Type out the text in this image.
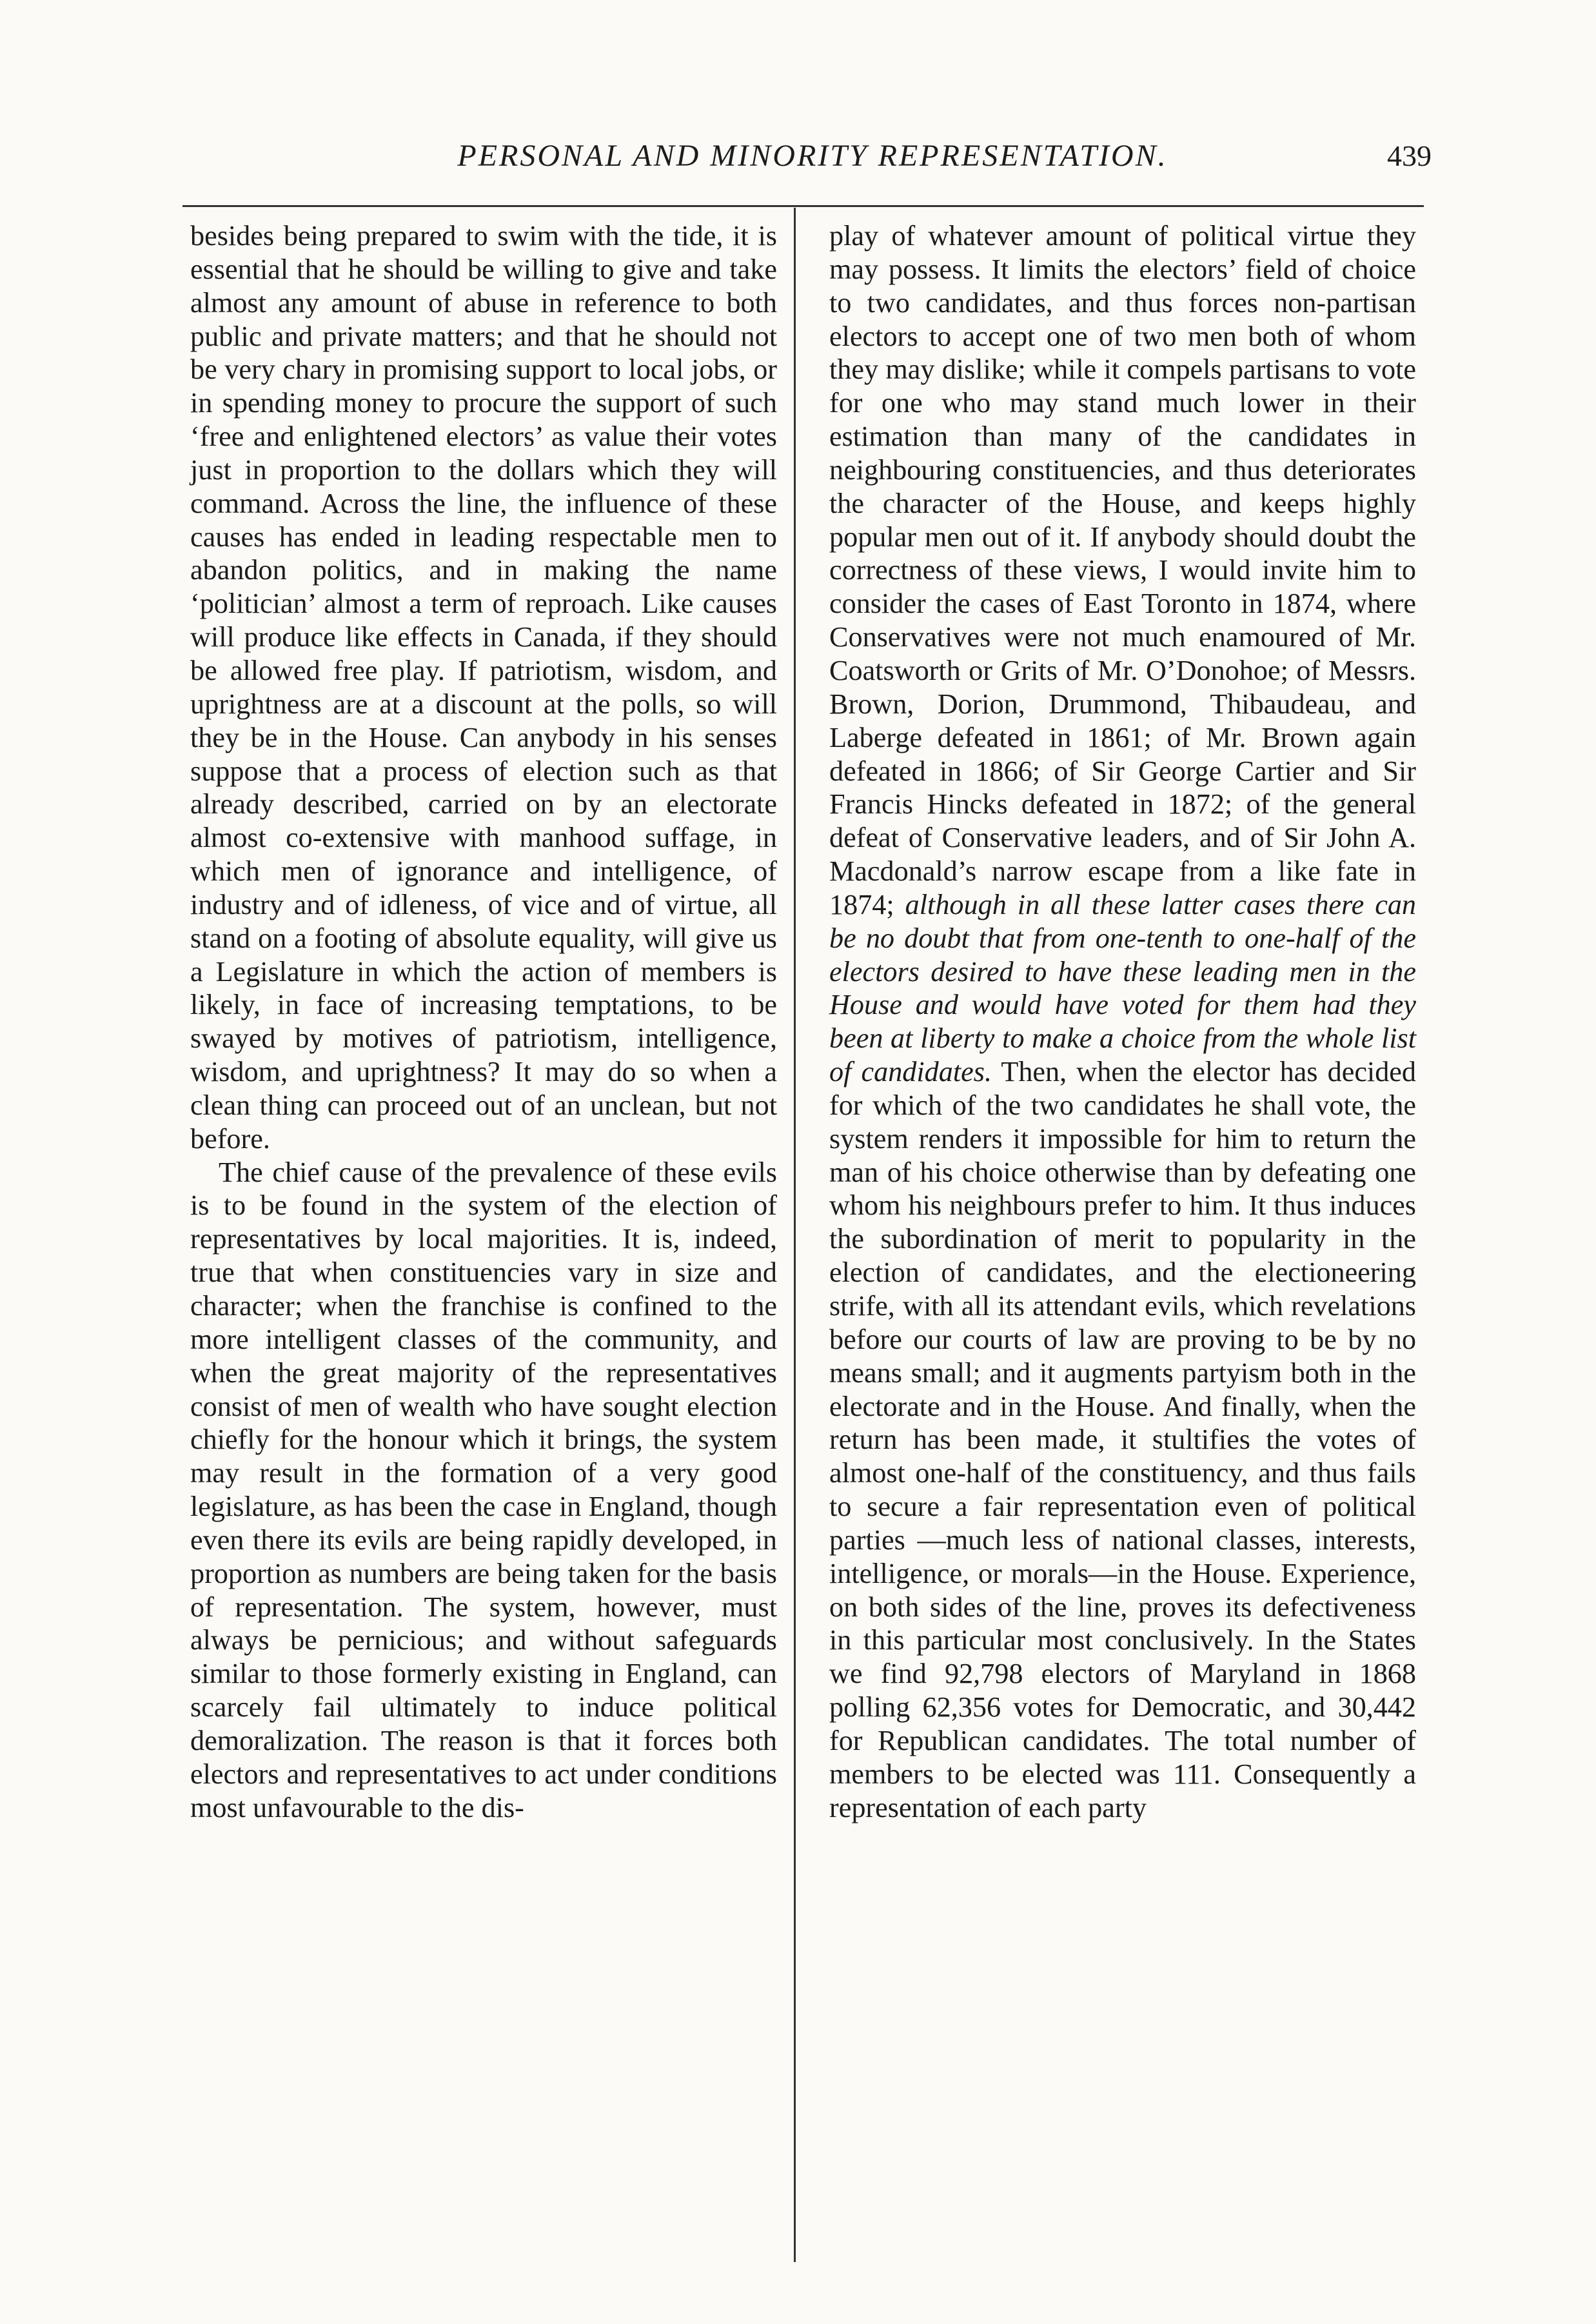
PERSONAL AND MINORITY REPRESENTATION.	439

besides being prepared to swim with the tide, it is essential that he should be willing to give and take almost any amount of abuse in reference to both public and private matters; and that he should not be very chary in promising support to local jobs, or in spending money to procure the support of such ‘free and enlightened electors’ as value their votes just in proportion to the dollars which they will command. Across the line, the influence of these causes has ended in leading respectable men to abandon politics, and in making the name ‘politician’ almost a term of reproach. Like causes will produce like effects in Canada, if they should be allowed free play. If patriotism, wisdom, and uprightness are at a discount at the polls, so will they be in the House. Can anybody in his senses suppose that a process of election such as that already described, carried on by an electorate almost co-extensive with manhood suffage, in which men of ignorance and intelligence, of industry and of idleness, of vice and of virtue, all stand on a footing of absolute equality, will give us a Legislature in which the action of members is likely, in face of increasing temptations, to be swayed by motives of patriotism, intelligence, wisdom, and uprightness? It may do so when a clean thing can proceed out of an unclean, but not before.

The chief cause of the prevalence of these evils is to be found in the system of the election of representatives by local majorities. It is, indeed, true that when constituencies vary in size and character; when the franchise is confined to the more intelligent classes of the community, and when the great majority of the representatives consist of men of wealth who have sought election chiefly for the honour which it brings, the system may result in the formation of a very good legislature, as has been the case in England, though even there its evils are being rapidly developed, in proportion as numbers are being taken for the basis of representation. The system, however, must always be pernicious; and without safeguards similar to those formerly existing in England, can scarcely fail ultimately to induce political demoralization. The reason is that it forces both electors and representatives to act under conditions most unfavourable to the dis-

play of whatever amount of political virtue they may possess. It limits the electors’ field of choice to two candidates, and thus forces non-partisan electors to accept one of two men both of whom they may dislike; while it compels partisans to vote for one who may stand much lower in their estimation than many of the candidates in neighbouring constituencies, and thus deteriorates the character of the House, and keeps highly popular men out of it. If anybody should doubt the correctness of these views, I would invite him to consider the cases of East Toronto in 1874, where Conservatives were not much enamoured of Mr. Coatsworth or Grits of Mr. O’Donohoe; of Messrs. Brown, Dorion, Drummond, Thibaudeau, and Laberge defeated in 1861; of Mr. Brown again defeated in 1866; of Sir George Cartier and Sir Francis Hincks defeated in 1872; of the general defeat of Conservative leaders, and of Sir John A. Macdonald’s narrow escape from a like fate in 1874; although in all these latter cases there can be no doubt that from one-tenth to one-half of the electors desired to have these leading men in the House and would have voted for them had they been at liberty to make a choice from the whole list of candidates. Then, when the elector has decided for which of the two candidates he shall vote, the system renders it impossible for him to return the man of his choice otherwise than by defeating one whom his neighbours prefer to him. It thus induces the subordination of merit to popularity in the election of candidates, and the electioneering strife, with all its attendant evils, which revelations before our courts of law are proving to be by no means small; and it augments partyism both in the electorate and in the House. And finally, when the return has been made, it stultifies the votes of almost one-half of the constituency, and thus fails to secure a fair representation even of political parties —much less of national classes, interests, intelligence, or morals—in the House. Experience, on both sides of the line, proves its defectiveness in this particular most conclusively. In the States we find 92,798 electors of Maryland in 1868 polling 62,356 votes for Democratic, and 30,442 for Republican candidates. The total number of members to be elected was 111. Consequently a representation of each party
